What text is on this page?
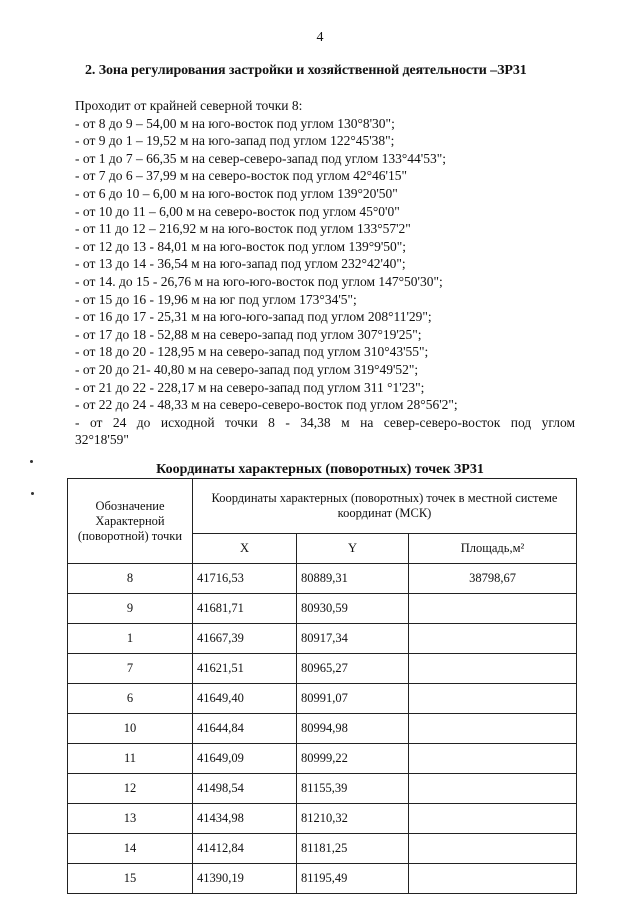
4
2. Зона регулирования застройки и хозяйственной деятельности –ЗР31
Проходит от крайней северной точки 8:
- от 8 до 9 – 54,00 м на юго-восток под углом 130°8'30";
- от 9 до 1 – 19,52 м на юго-запад под углом 122°45'38";
- от 1 до 7 – 66,35 м на север-северо-запад под углом 133°44'53";
- от 7 до 6 – 37,99 м на северо-восток под углом 42°46'15"
- от 6 до 10 – 6,00 м на юго-восток под углом 139°20'50"
- от 10 до 11 – 6,00 м на северо-восток под углом 45°0'0"
- от 11 до 12 – 216,92 м на юго-восток под углом 133°57'2"
- от 12 до 13 - 84,01 м на юго-восток под углом 139°9'50";
- от 13 до 14 - 36,54 м на юго-запад под углом 232°42'40";
- от 14. до 15 - 26,76 м на юго-юго-восток под углом 147°50'30";
- от 15 до 16 - 19,96 м на юг под углом 173°34'5";
- от 16 до 17 - 25,31 м на юго-юго-запад под углом 208°11'29";
- от 17 до 18 - 52,88 м на северо-запад под углом 307°19'25";
- от 18 до 20 - 128,95 м на северо-запад под углом 310°43'55";
- от 20 до 21- 40,80 м на северо-запад под углом 319°49'52";
- от 21 до 22 - 228,17 м на северо-запад под углом 311 °1'23";
- от 22 до 24 - 48,33 м на северо-северо-восток под углом 28°56'2";
- от 24 до исходной точки 8 - 34,38 м на север-северо-восток под углом
32°18'59"
Координаты характерных (поворотных) точек ЗР31
Обозначение Характерной (поворотной) точки	Координаты характерных (поворотных) точек в местной системе координат (МСК)		
	X	Y	Площадь,м²
8	41716,53	80889,31	38798,67
9	41681,71	80930,59	
1	41667,39	80917,34	
7	41621,51	80965,27	
6	41649,40	80991,07	
10	41644,84	80994,98	
11	41649,09	80999,22	
12	41498,54	81155,39	
13	41434,98	81210,32	
14	41412,84	81181,25	
15	41390,19	81195,49	
